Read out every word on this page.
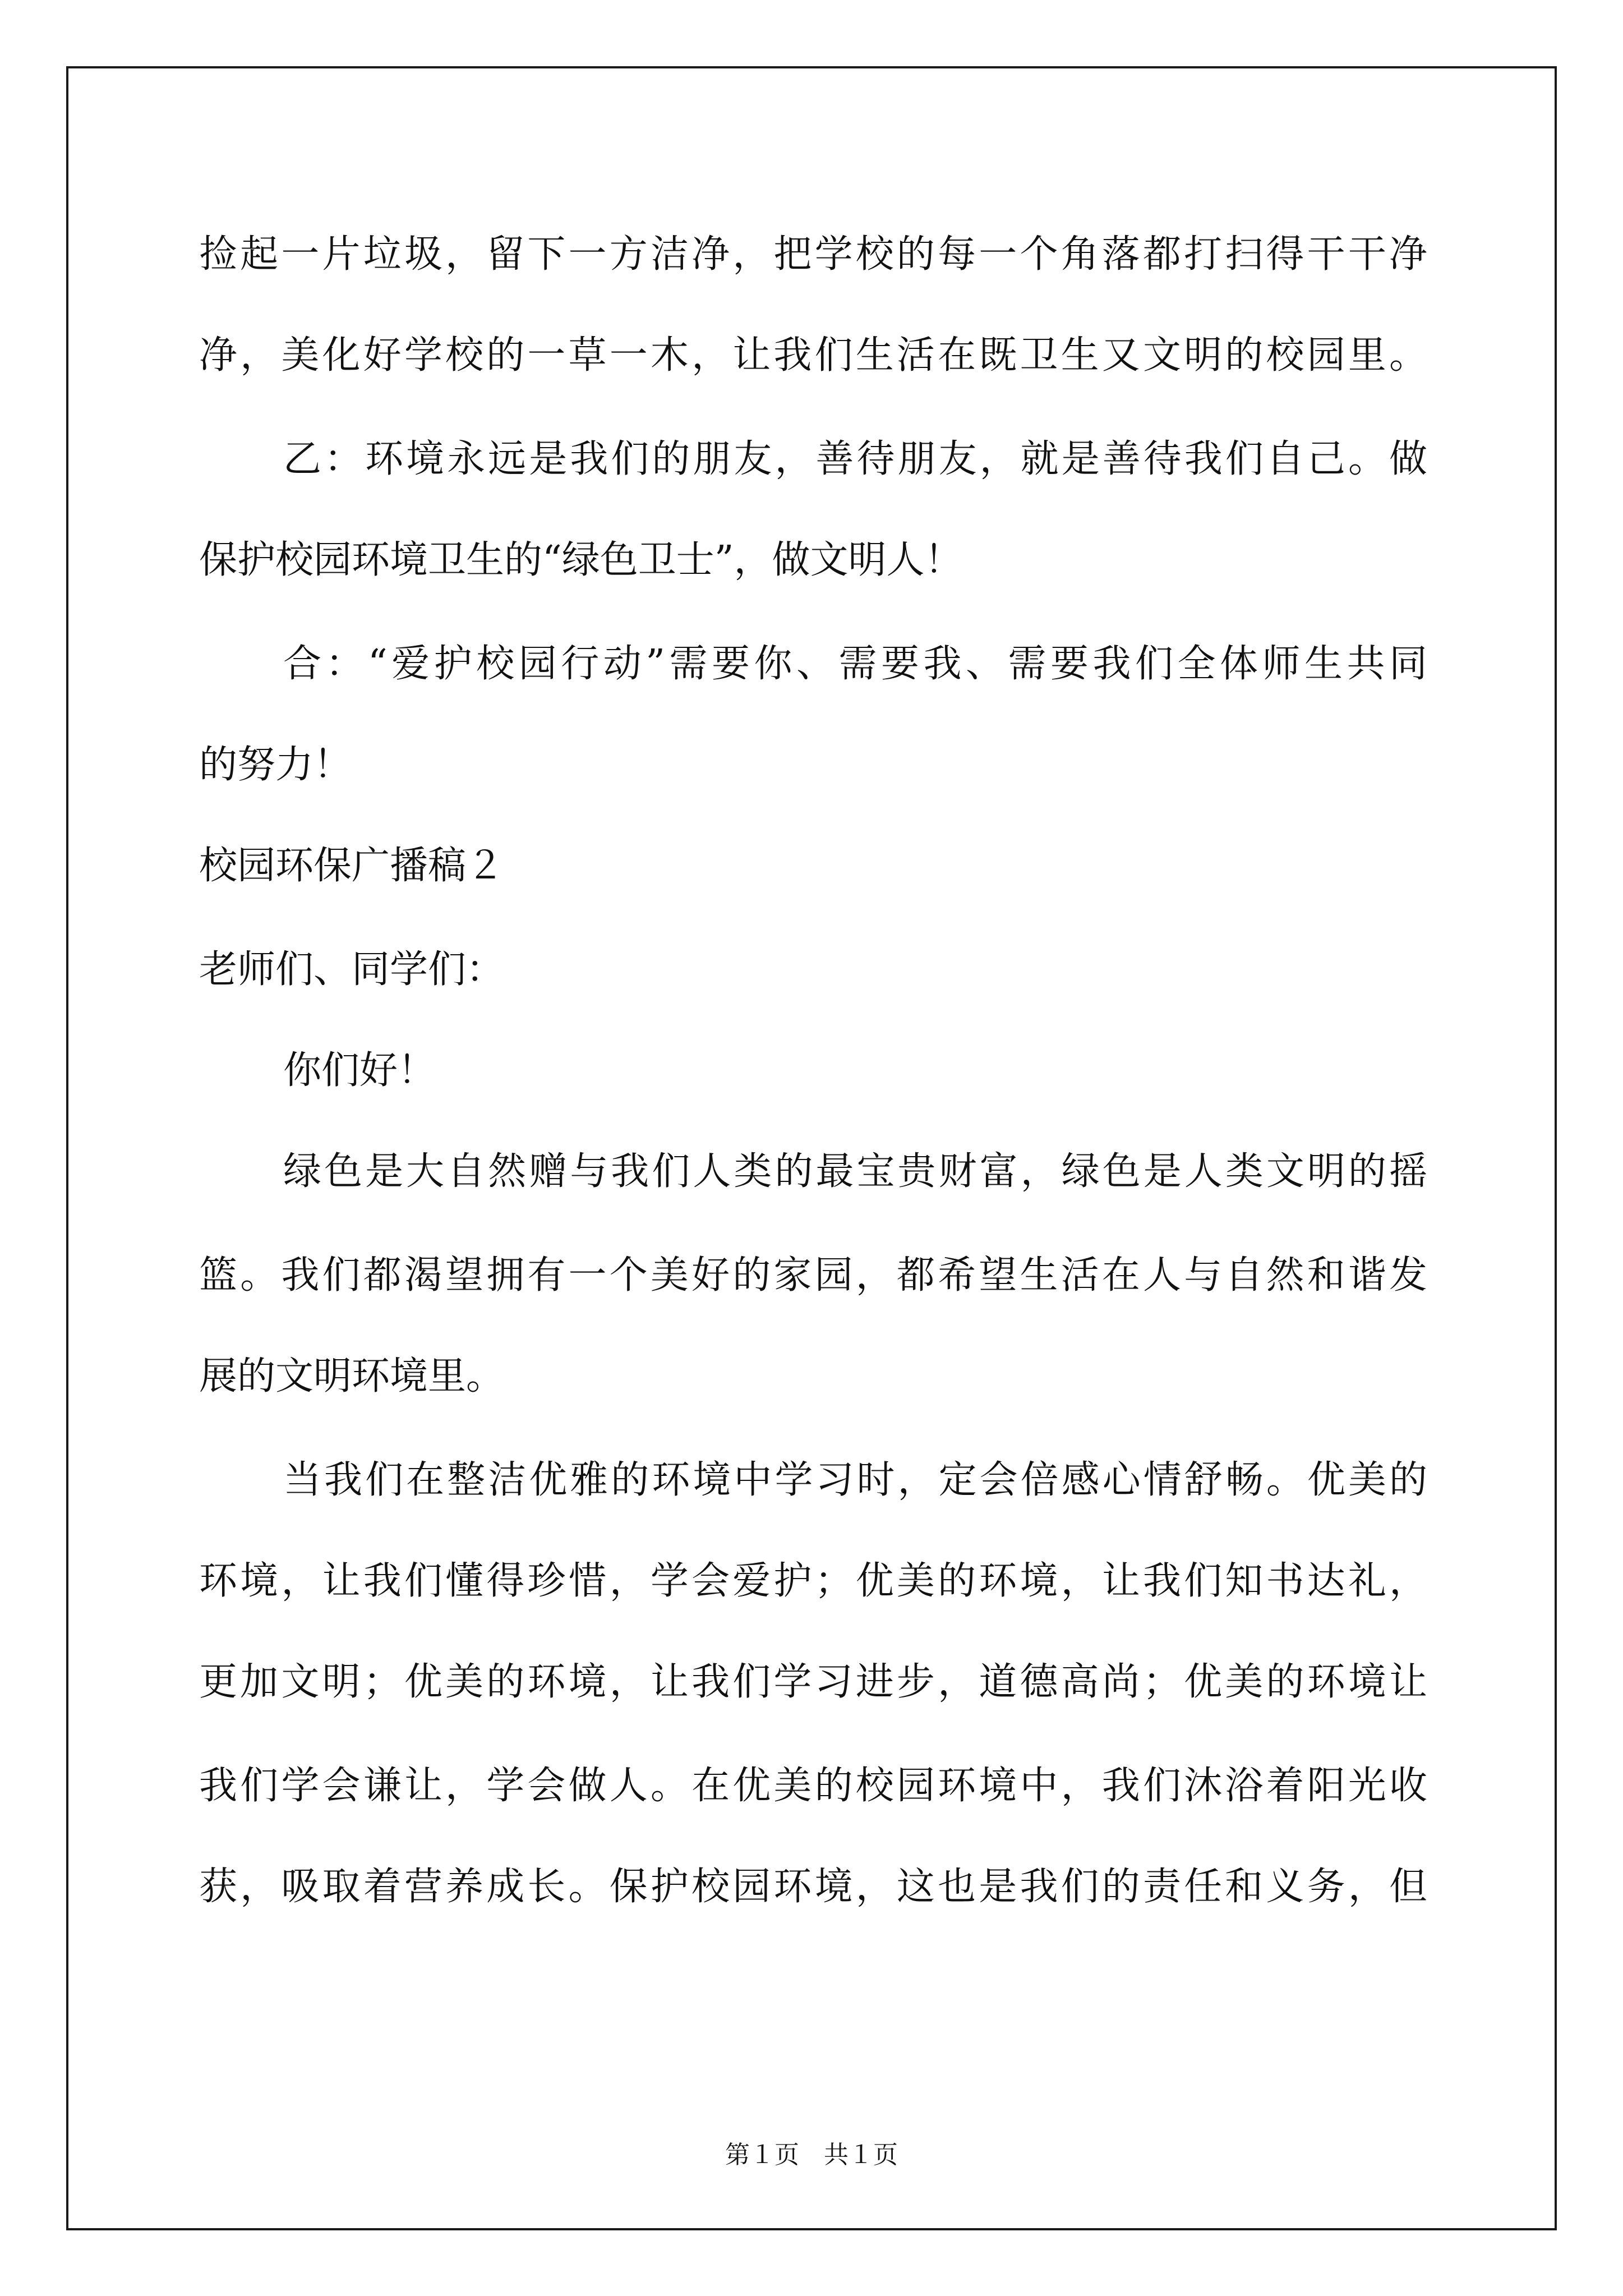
捡起一片垃圾，留下一方洁净，把学校的每一个角落都打扫得干干净
净，美化好学校的一草一木，让我们生活在既卫生又文明的校园里。
乙：环境永远是我们的朋友，善待朋友，就是善待我们自己。做
保护校园环境卫生的“绿色卫士”，做文明人！
合：“爱护校园行动”需要你、需要我、需要我们全体师生共同
的努力！
校园环保广播稿２
老师们、同学们：
你们好！
绿色是大自然赠与我们人类的最宝贵财富，绿色是人类文明的摇
篮。我们都渴望拥有一个美好的家园，都希望生活在人与自然和谐发
展的文明环境里。
当我们在整洁优雅的环境中学习时，定会倍感心情舒畅。优美的
环境，让我们懂得珍惜，学会爱护；优美的环境，让我们知书达礼，
更加文明；优美的环境，让我们学习进步，道德高尚；优美的环境让
我们学会谦让，学会做人。在优美的校园环境中，我们沐浴着阳光收
获，吸取着营养成长。保护校园环境，这也是我们的责任和义务，但
第１页　共１页
